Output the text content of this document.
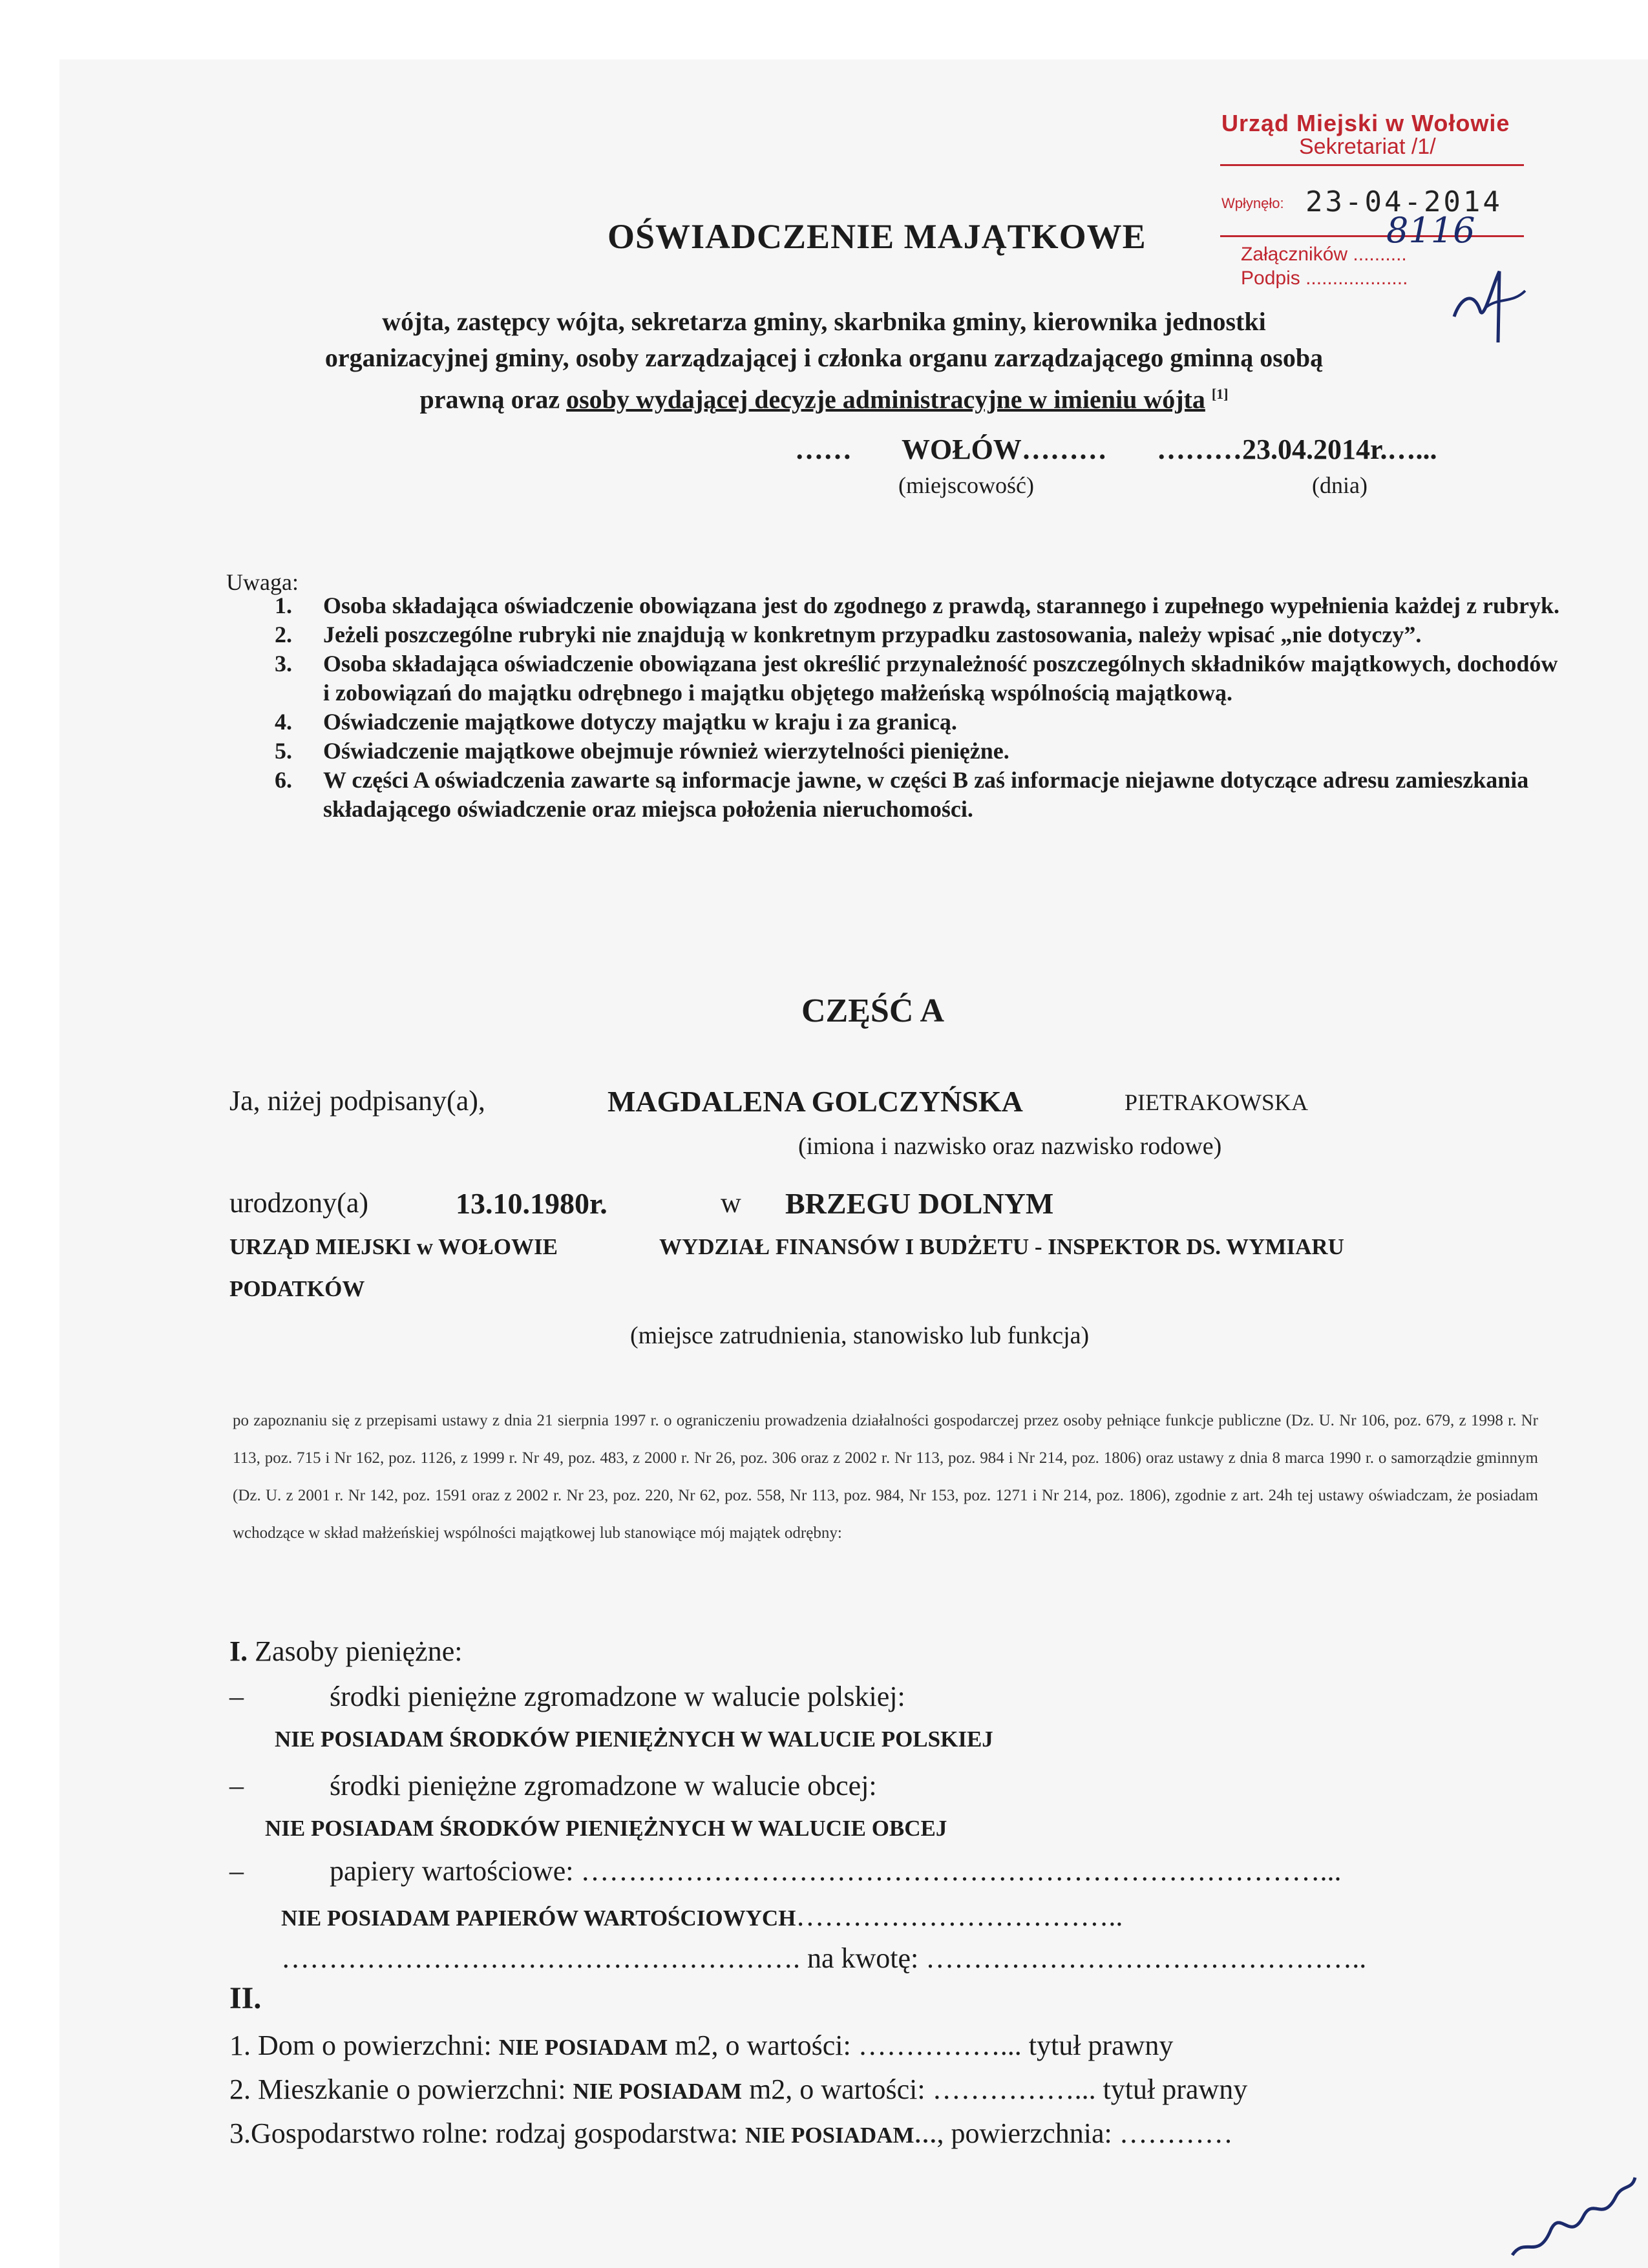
Urząd Miejski w Wołowie
Sekretariat /1/
Wpłynęło: 23-04-2014
Załączników ..........
Podpis ...................
8116
OŚWIADCZENIE MAJĄTKOWE
wójta, zastępcy wójta, sekretarza gminy, skarbnika gminy, kierownika jednostki
organizacyjnej gminy, osoby zarządzającej i członka organu zarządzającego gminną osobą
prawną oraz osoby wydającej decyzje administracyjne w imieniu wójta [1]
…… WOŁÓW……… ………23.04.2014r.…...
(miejscowość)	(dnia)
Uwaga:
1. Osoba składająca oświadczenie obowiązana jest do zgodnego z prawdą, starannego i zupełnego wypełnienia każdej z rubryk.
2. Jeżeli poszczególne rubryki nie znajdują w konkretnym przypadku zastosowania, należy wpisać „nie dotyczy”.
3. Osoba składająca oświadczenie obowiązana jest określić przynależność poszczególnych składników majątkowych, dochodów i zobowiązań do majątku odrębnego i majątku objętego małżeńską wspólnością majątkową.
4. Oświadczenie majątkowe dotyczy majątku w kraju i za granicą.
5. Oświadczenie majątkowe obejmuje również wierzytelności pieniężne.
6. W części A oświadczenia zawarte są informacje jawne, w części B zaś informacje niejawne dotyczące adresu zamieszkania składającego oświadczenie oraz miejsca położenia nieruchomości.
CZĘŚĆ A
Ja, niżej podpisany(a),	MAGDALENA GOLCZYŃSKA	PIETRAKOWSKA
(imiona i nazwisko oraz nazwisko rodowe)
urodzony(a)	13.10.1980r.	w BRZEGU DOLNYM
URZĄD MIEJSKI w WOŁOWIE	WYDZIAŁ FINANSÓW I BUDŻETU - INSPEKTOR DS. WYMIARU
PODATKÓW
(miejsce zatrudnienia, stanowisko lub funkcja)
po zapoznaniu się z przepisami ustawy z dnia 21 sierpnia 1997 r. o ograniczeniu prowadzenia działalności gospodarczej przez osoby pełniące funkcje publiczne (Dz. U. Nr 106, poz. 679, z 1998 r. Nr 113, poz. 715 i Nr 162, poz. 1126, z 1999 r. Nr 49, poz. 483, z 2000 r. Nr 26, poz. 306 oraz z 2002 r. Nr 113, poz. 984 i Nr 214, poz. 1806) oraz ustawy z dnia 8 marca 1990 r. o samorządzie gminnym (Dz. U. z 2001 r. Nr 142, poz. 1591 oraz z 2002 r. Nr 23, poz. 220, Nr 62, poz. 558, Nr 113, poz. 984, Nr 153, poz. 1271 i Nr 214, poz. 1806), zgodnie z art. 24h tej ustawy oświadczam, że posiadam wchodzące w skład małżeńskiej wspólności majątkowej lub stanowiące mój majątek odrębny:
I. Zasoby pieniężne:
–	środki pieniężne zgromadzone w walucie polskiej:
NIE POSIADAM ŚRODKÓW PIENIĘŻNYCH W WALUCIE POLSKIEJ
–	środki pieniężne zgromadzone w walucie obcej:
NIE POSIADAM ŚRODKÓW PIENIĘŻNYCH W WALUCIE OBCEJ
–	papiery wartościowe: ……………………………………………………………………...
NIE POSIADAM PAPIERÓW WARTOŚCIOWYCH……………………………..
………………………………………………. na kwotę: ………………………………………..
II.
1. Dom o powierzchni: NIE POSIADAM m2, o wartości: ……………... tytuł prawny
2. Mieszkanie o powierzchni: NIE POSIADAM m2, o wartości: ……………... tytuł prawny
3.Gospodarstwo rolne: rodzaj gospodarstwa: NIE POSIADAM…, powierzchnia: …………
